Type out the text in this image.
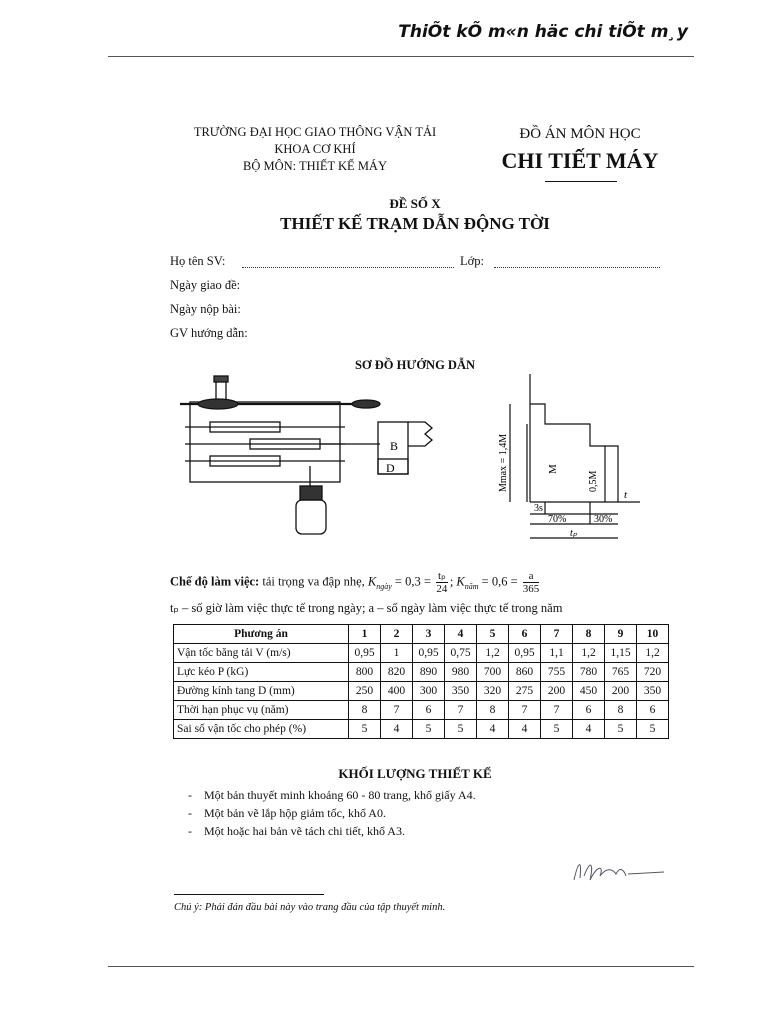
ThiÕt kÕ m«n häc chi tiÕt m¸y
TRƯỜNG ĐẠI HỌC GIAO THÔNG VẬN TẢI
KHOA CƠ KHÍ
BỘ MÔN: THIẾT KẾ MÁY
ĐỒ ÁN MÔN HỌC
CHI TIẾT MÁY
ĐỀ SỐ X
THIẾT KẾ TRẠM DẪN ĐỘNG TỜI
Họ tên SV:	Lớp:
Ngày giao đề:
Ngày nộp bài:
GV hướng dẫn:
SƠ ĐỒ HƯỚNG DẪN
B
D	Mmax = 1,4M	M
0,5M
t
3s
70%	30%
tₚ
Chế độ làm việc: tải trọng va đập nhẹ, $K_{ngày} = 0,3 = \frac{\text{tₚ}}{24}$ ; $K_{năm} = 0,6 = \frac{a}{365}$
tₚ – số giờ làm việc thực tế trong ngày; a – số ngày làm việc thực tế trong năm
Phương án	1	2	3	4	5	6	7	8	9	10
Vận tốc băng tải V (m/s)	0,95	1	0,95	0,75	1,2	0,95	1,1	1,2	1,15	1,2
Lực kéo P (kG)	800	820	890	980	700	860	755	780	765	720
Đường kính tang D (mm)	250	400	300	350	320	275	200	450	200	350
Thời hạn phục vụ (năm)	8	7	6	7	8	7	7	6	8	6
Sai số vận tốc cho phép (%)	5	4	5	5	4	4	5	4	5	5
KHỐI LƯỢNG THIẾT KẾ
-    Một bản thuyết minh khoảng 60 - 80 trang, khổ giấy A4.
-    Một bản vẽ lắp hộp giảm tốc, khổ A0.
-    Một hoặc hai bản vẽ tách chi tiết, khổ A3.
Chú ý: Phải đán đầu bài này vào trang đầu của tập thuyết minh.
